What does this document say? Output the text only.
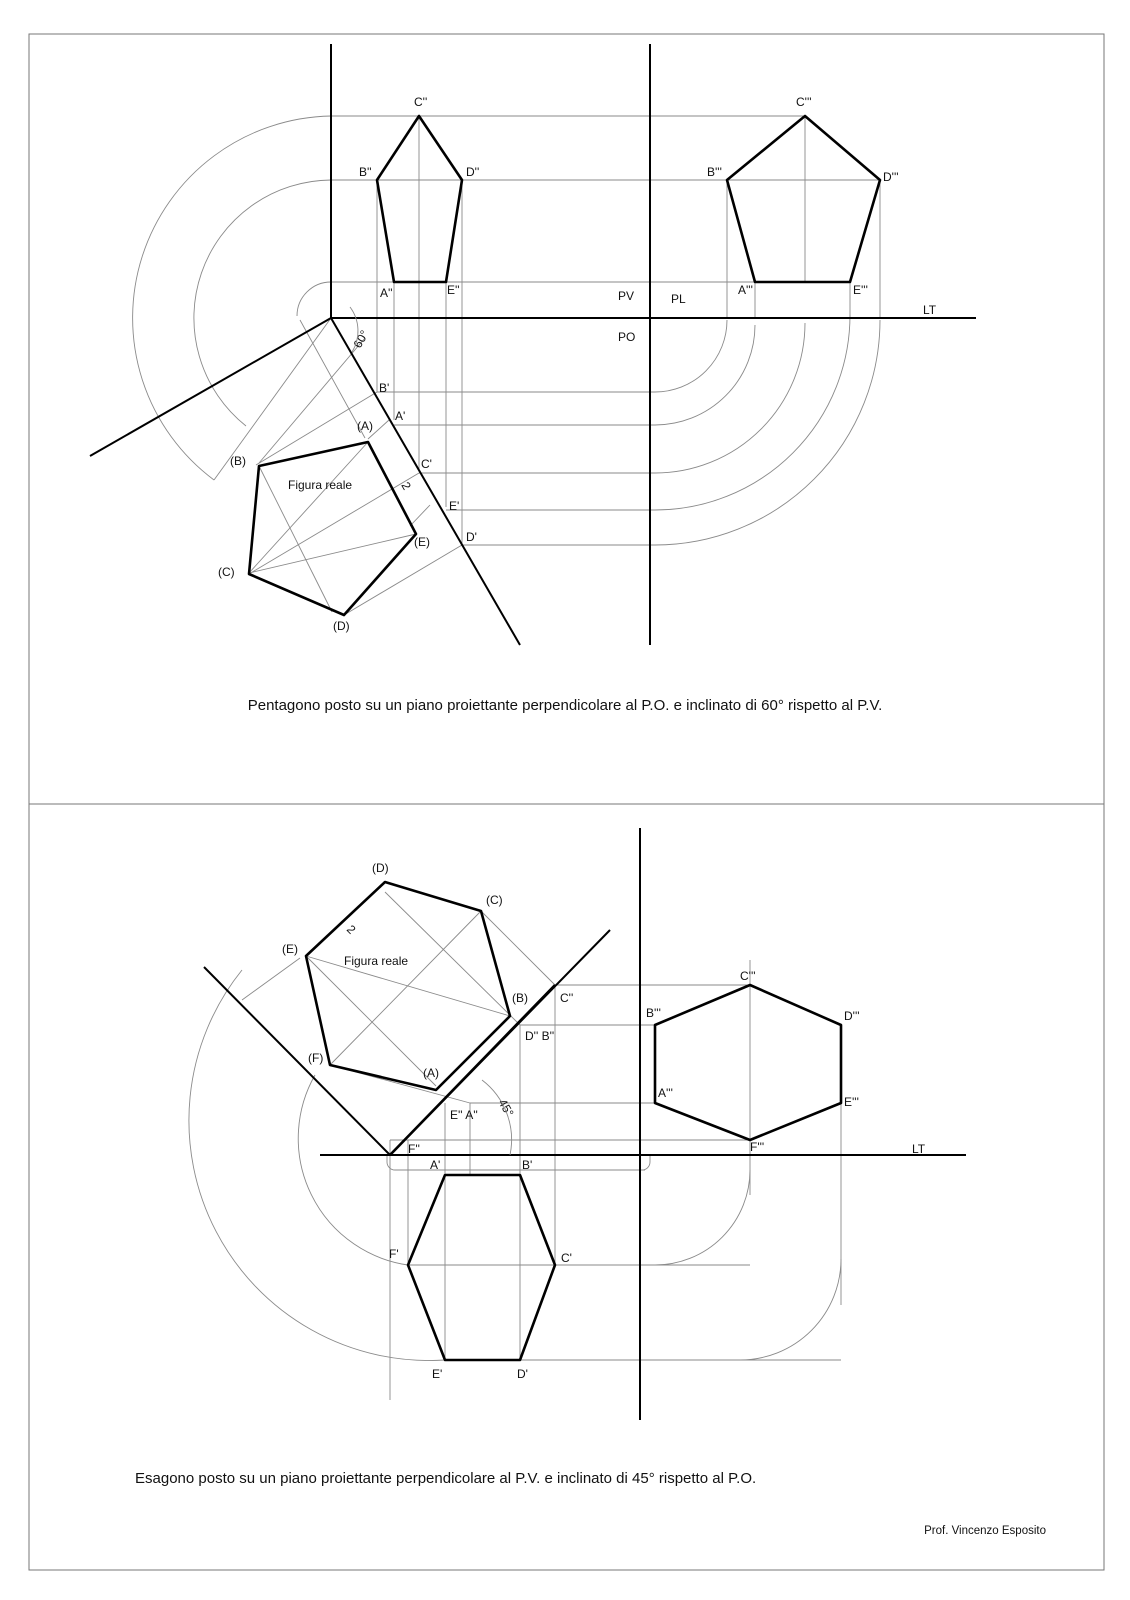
C''
B''	D''
A''	E''
C'''
B'''	D'''
A'''	E'''
B'
A'
C'
E'
D'
(A)
(B)
(C)
(D)
(E)
PV	PL
PO
LT
Figura reale
60°
2
Pentagono posto su un piano proiettante perpendicolare al P.O. e inclinato di 60° rispetto al P.V.
(D)
(C)
(E)
(B)
(F)
(A)
C''
D'' B''
E'' A''
F''
C'''
B'''	D'''
A'''
E'''
F'''
A'	B'
F'	C'
E'	D'
LT
Figura reale
45°
2
Esagono posto su un piano proiettante perpendicolare al P.V. e inclinato di 45° rispetto al P.O.
Prof. Vincenzo Esposito
